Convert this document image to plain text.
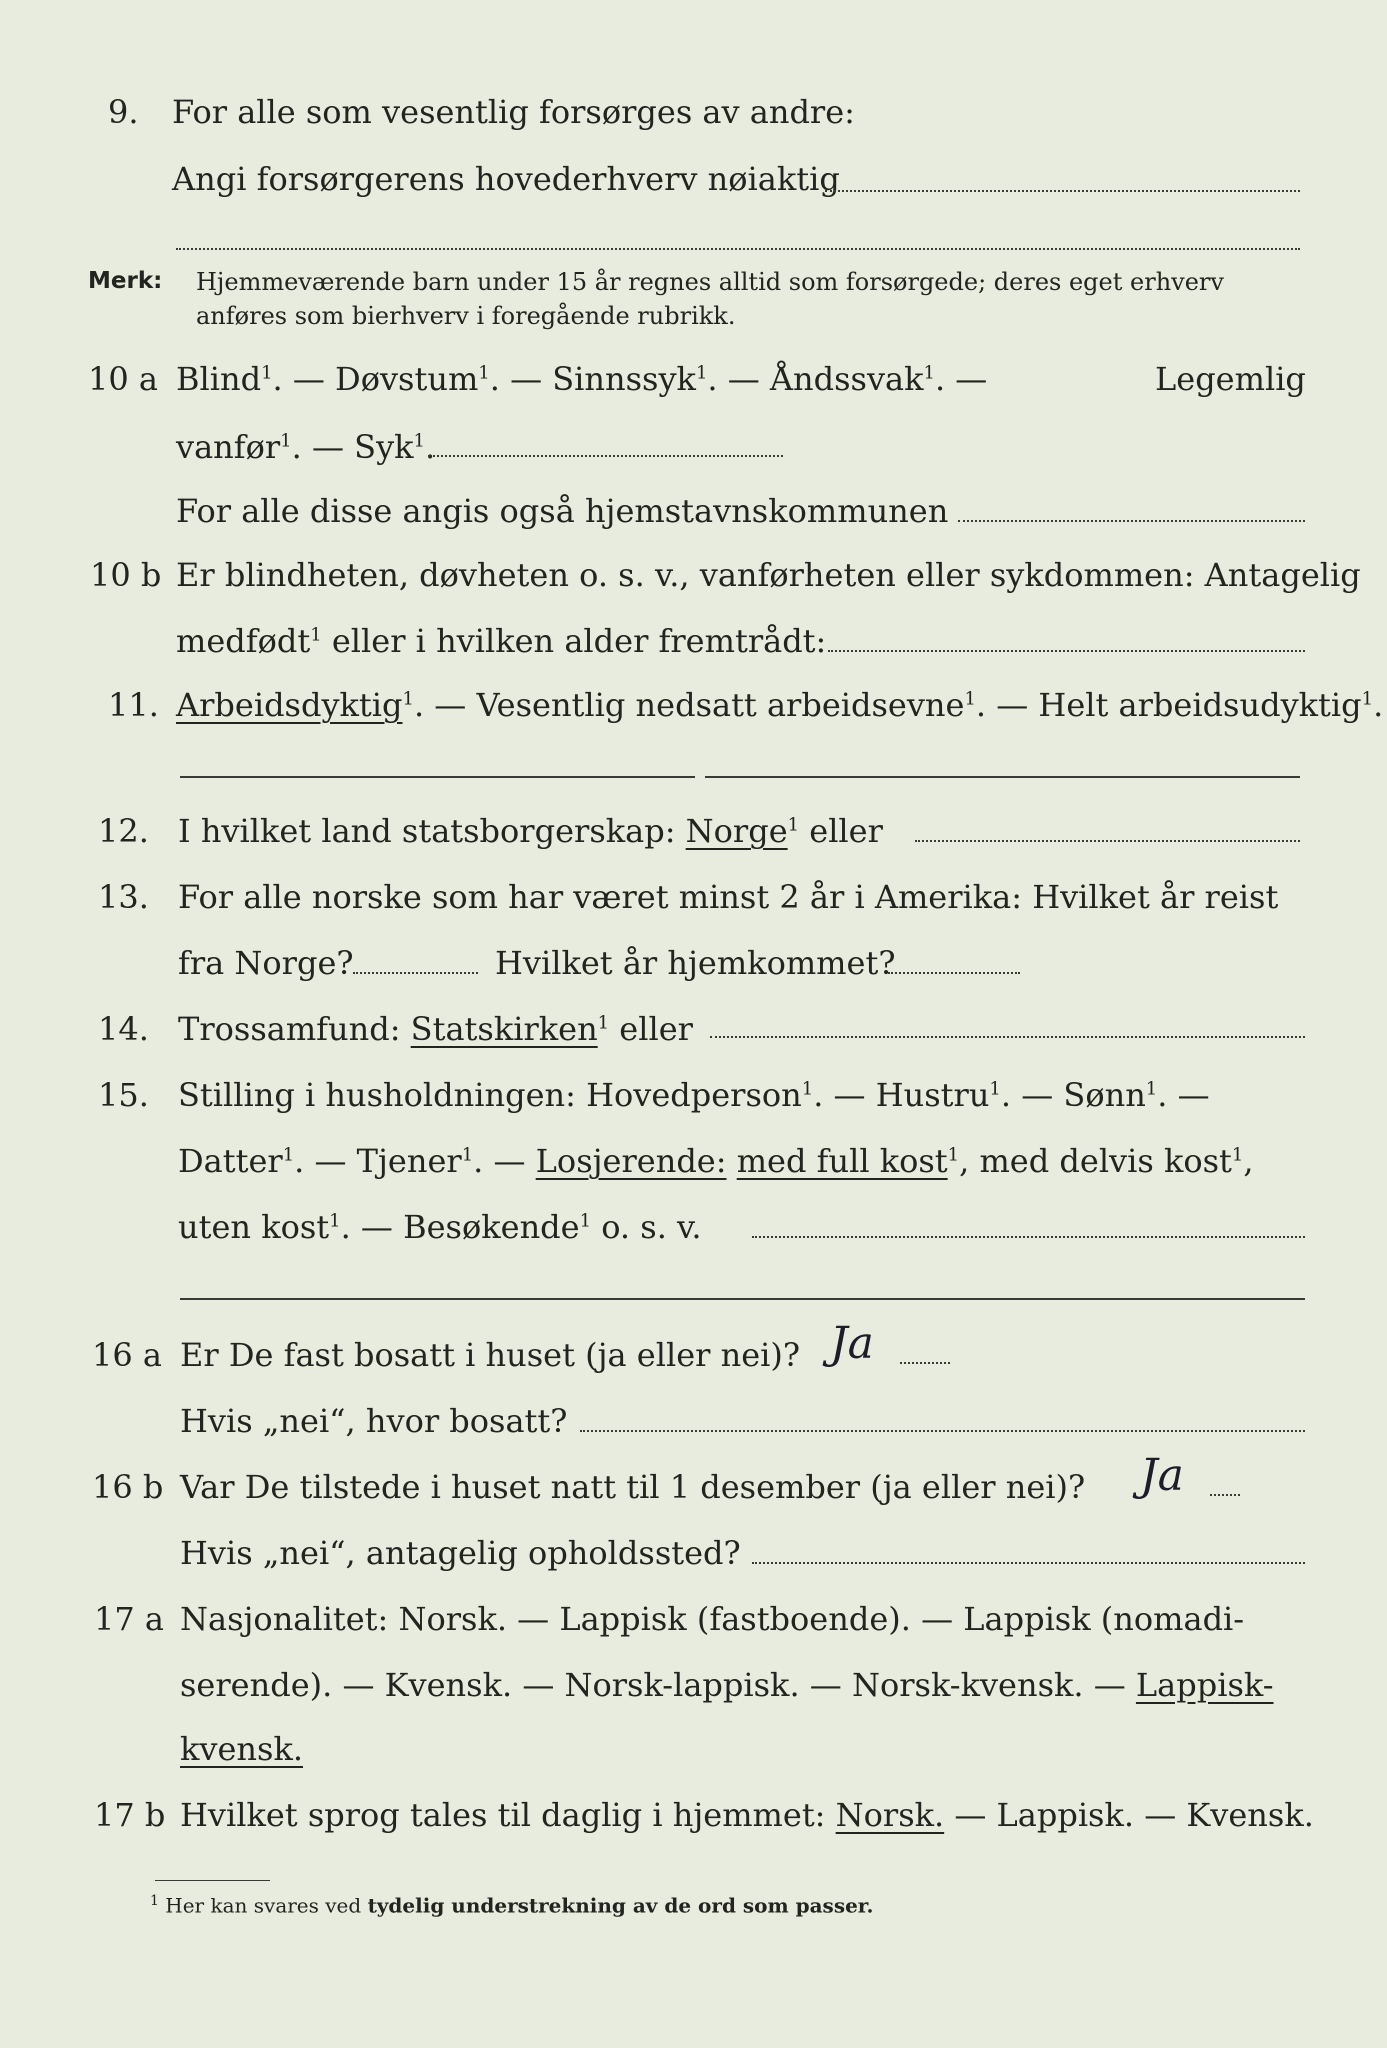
9. For alle som vesentlig forsørges av andre:
Angi forsørgerens hovederhverv nøiaktig
Merk: Hjemmeværende barn under 15 år regnes alltid som forsørgede; deres eget erhverv
anføres som bierhverv i foregående rubrikk.
10 a Blind$^1$. — Døvstum$^1$. — Sinnssyk$^1$. — Åndssvak$^1$. —	Legemlig
vanfør$^1$. — Syk$^1$.
For alle disse angis også hjemstavnskommunen
10 b Er blindheten, døvheten o. s. v., vanførheten eller sykdommen: Antagelig
medfødt$^1$ eller i hvilken alder fremtrådt:
11. Arbeidsdyktig$^1$. — Vesentlig nedsatt arbeidsevne$^1$. — Helt arbeidsudyktig$^1$.
12. I hvilket land statsborgerskap: Norge$^1$ eller
13. For alle norske som har været minst 2 år i Amerika: Hvilket år reist
fra Norge?	Hvilket år hjemkommet?
14. Trossamfund: Statskirken$^1$ eller
15. Stilling i husholdningen: Hovedperson$^1$. — Hustru$^1$. — Sønn$^1$. —
Datter$^1$. — Tjener$^1$. — Losjerende: med full kost$^1$, med delvis kost$^1$,
uten kost$^1$. — Besøkende$^1$ o. s. v.
16 a Er De fast bosatt i huset (ja eller nei)? Ja
Hvis „nei“, hvor bosatt?
16 b Var De tilstede i huset natt til 1 desember (ja eller nei)? Ja
Hvis „nei“, antagelig opholdssted?
17 a Nasjonalitet: Norsk. — Lappisk (fastboende). — Lappisk (nomadi-
serende). — Kvensk. — Norsk-lappisk. — Norsk-kvensk. — Lappisk-
kvensk.
17 b Hvilket sprog tales til daglig i hjemmet: Norsk. — Lappisk. — Kvensk.
$^1$ Her kan svares ved tydelig understrekning av de ord som passer.
